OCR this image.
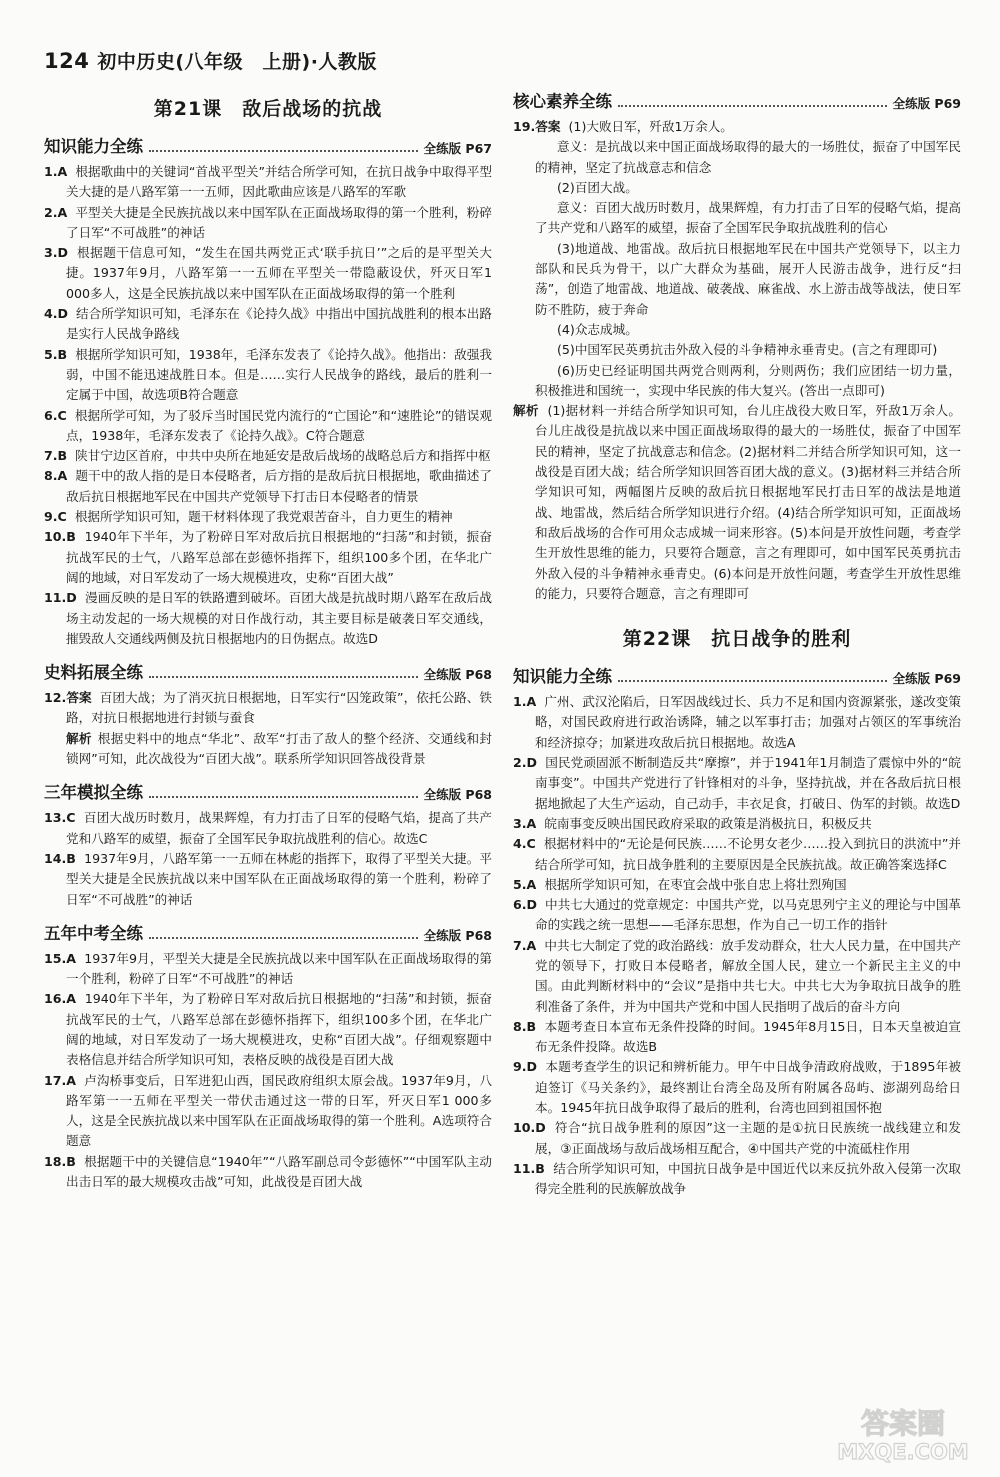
124 初中历史(八年级　上册)·人教版
第21课　敌后战场的抗战
知识能力全练	全练版 P67

1.A 根据歌曲中的关键词“首战平型关”并结合所学可知，在抗日战争中取得平型关大捷的是八路军第一一五师，因此歌曲应该是八路军的军歌

2.A 平型关大捷是全民族抗战以来中国军队在正面战场取得的第一个胜利，粉碎了日军“不可战胜”的神话

3.D 根据题干信息可知，“发生在国共两党正式‘联手抗日’”之后的是平型关大捷。1937年9月，八路军第一一五师在平型关一带隐蔽设伏，歼灭日军1 000多人，这是全民族抗战以来中国军队在正面战场取得的第一个胜利

4.D 结合所学知识可知，毛泽东在《论持久战》中指出中国抗战胜利的根本出路是实行人民战争路线

5.B 根据所学知识可知，1938年，毛泽东发表了《论持久战》。他指出：敌强我弱，中国不能迅速战胜日本。但是……实行人民战争的路线，最后的胜利一定属于中国，故选项B符合题意

6.C 根据所学可知，为了驳斥当时国民党内流行的“亡国论”和“速胜论”的错误观点，1938年，毛泽东发表了《论持久战》。C符合题意

7.B 陕甘宁边区首府，中共中央所在地延安是敌后战场的战略总后方和指挥中枢

8.A 题干中的敌人指的是日本侵略者，后方指的是敌后抗日根据地，歌曲描述了敌后抗日根据地军民在中国共产党领导下打击日本侵略者的情景

9.C 根据所学知识可知，题干材料体现了我党艰苦奋斗，自力更生的精神

10.B 1940年下半年，为了粉碎日军对敌后抗日根据地的“扫荡”和封锁，振奋抗战军民的士气，八路军总部在彭德怀指挥下，组织100多个团，在华北广阔的地域，对日军发动了一场大规模进攻，史称“百团大战”

11.D 漫画反映的是日军的铁路遭到破坏。百团大战是抗战时期八路军在敌后战场主动发起的一场大规模的对日作战行动，其主要目标是破袭日军交通线，摧毁敌人交通线两侧及抗日根据地内的日伪据点。故选D

史料拓展全练	全练版 P68

12.答案 百团大战；为了消灭抗日根据地，日军实行“囚笼政策”，依托公路、铁路，对抗日根据地进行封锁与蚕食

解析 根据史料中的地点“华北”、敌军“打击了敌人的整个经济、交通线和封锁网”可知，此次战役为“百团大战”。联系所学知识回答战役背景

三年模拟全练	全练版 P68

13.C 百团大战历时数月，战果辉煌，有力打击了日军的侵略气焰，提高了共产党和八路军的威望，振奋了全国军民争取抗战胜利的信心。故选C

14.B 1937年9月，八路军第一一五师在林彪的指挥下，取得了平型关大捷。平型关大捷是全民族抗战以来中国军队在正面战场取得的第一个胜利，粉碎了日军“不可战胜”的神话

五年中考全练	全练版 P68

15.A 1937年9月，平型关大捷是全民族抗战以来中国军队在正面战场取得的第一个胜利，粉碎了日军“不可战胜”的神话

16.A 1940年下半年，为了粉碎日军对敌后抗日根据地的“扫荡”和封锁，振奋抗战军民的士气，八路军总部在彭德怀指挥下，组织100多个团，在华北广阔的地域，对日军发动了一场大规模进攻，史称“百团大战”。仔细观察题中表格信息并结合所学知识可知，表格反映的战役是百团大战

17.A 卢沟桥事变后，日军进犯山西，国民政府组织太原会战。1937年9月，八路军第一一五师在平型关一带伏击通过这一带的日军，歼灭日军1 000多人，这是全民族抗战以来中国军队在正面战场取得的第一个胜利。A选项符合题意

18.B 根据题干中的关键信息“1940年”“八路军副总司令彭德怀”“中国军队主动出击日军的最大规模攻击战”可知，此战役是百团大战

核心素养全练	全练版 P69

19.答案 (1)大败日军，歼敌1万余人。

意义：是抗战以来中国正面战场取得的最大的一场胜仗，振奋了中国军民的精神，坚定了抗战意志和信念

(2)百团大战。

意义：百团大战历时数月，战果辉煌，有力打击了日军的侵略气焰，提高了共产党和八路军的威望，振奋了全国军民争取抗战胜利的信心

(3)地道战、地雷战。敌后抗日根据地军民在中国共产党领导下，以主力部队和民兵为骨干，以广大群众为基础，展开人民游击战争，进行反“扫荡”，创造了地雷战、地道战、破袭战、麻雀战、水上游击战等战法，使日军防不胜防，疲于奔命

(4)众志成城。

(5)中国军民英勇抗击外敌入侵的斗争精神永垂青史。(言之有理即可)

(6)历史已经证明国共两党合则两利，分则两伤；我们应团结一切力量，积极推进和国统一，实现中华民族的伟大复兴。(答出一点即可)

解析 (1)据材料一并结合所学知识可知，台儿庄战役大败日军，歼敌1万余人。台儿庄战役是抗战以来中国正面战场取得的最大的一场胜仗，振奋了中国军民的精神，坚定了抗战意志和信念。(2)据材料二并结合所学知识可知，这一战役是百团大战；结合所学知识回答百团大战的意义。(3)据材料三并结合所学知识可知，两幅图片反映的敌后抗日根据地军民打击日军的战法是地道战、地雷战，然后结合所学知识进行介绍。(4)结合所学知识可知，正面战场和敌后战场的合作可用众志成城一词来形容。(5)本问是开放性问题，考查学生开放性思维的能力，只要符合题意，言之有理即可，如中国军民英勇抗击外敌入侵的斗争精神永垂青史。(6)本问是开放性问题，考查学生开放性思维的能力，只要符合题意，言之有理即可

第22课　抗日战争的胜利
知识能力全练	全练版 P69

1.A 广州、武汉沦陷后，日军因战线过长、兵力不足和国内资源紧张，遂改变策略，对国民政府进行政治诱降，辅之以军事打击；加强对占领区的军事统治和经济掠夺；加紧进攻敌后抗日根据地。故选A

2.D 国民党顽固派不断制造反共“摩擦”，并于1941年1月制造了震惊中外的“皖南事变”。中国共产党进行了针锋相对的斗争，坚持抗战，并在各敌后抗日根据地掀起了大生产运动，自己动手，丰衣足食，打破日、伪军的封锁。故选D

3.A 皖南事变反映出国民政府采取的政策是消极抗日，积极反共

4.C 根据材料中的“无论是何民族……不论男女老少……投入到抗日的洪流中”并结合所学可知，抗日战争胜利的主要原因是全民族抗战。故正确答案选择C

5.A 根据所学知识可知，在枣宜会战中张自忠上将壮烈殉国

6.D 中共七大通过的党章规定：中国共产党，以马克思列宁主义的理论与中国革命的实践之统一思想——毛泽东思想，作为自己一切工作的指针

7.A 中共七大制定了党的政治路线：放手发动群众，壮大人民力量，在中国共产党的领导下，打败日本侵略者，解放全国人民，建立一个新民主主义的中国。由此判断材料中的“会议”是指中共七大。中共七大为争取抗日战争的胜利准备了条件，并为中国共产党和中国人民指明了战后的奋斗方向

8.B 本题考查日本宣布无条件投降的时间。1945年8月15日，日本天皇被迫宣布无条件投降。故选B

9.D 本题考查学生的识记和辨析能力。甲午中日战争清政府战败，于1895年被迫签订《马关条约》，最终割让台湾全岛及所有附属各岛屿、澎湖列岛给日本。1945年抗日战争取得了最后的胜利，台湾也回到祖国怀抱

10.D 符合“抗日战争胜利的原因”这一主题的是①抗日民族统一战线建立和发展，③正面战场与敌后战场相互配合，④中国共产党的中流砥柱作用

11.B 结合所学知识可知，中国抗日战争是中国近代以来反抗外敌入侵第一次取得完全胜利的民族解放战争

答案圈
MXQE.COM
